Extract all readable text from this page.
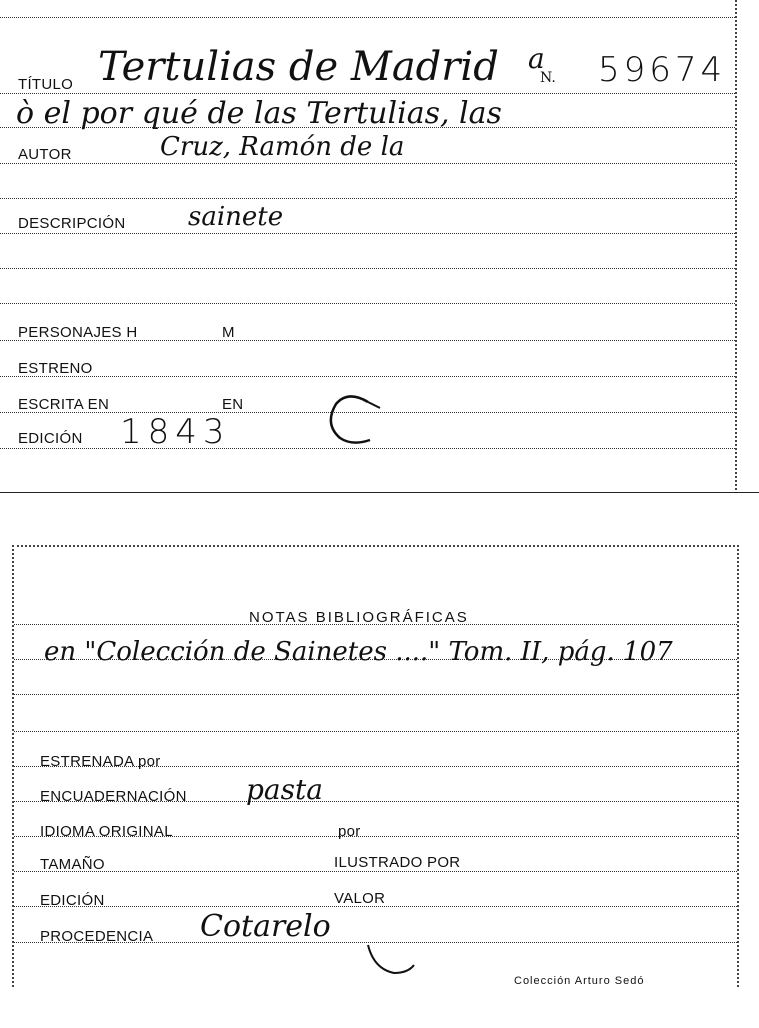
TÍTULO Tertulias de Madrid a
N. 59674
ò el por qué de las Tertulias, las
AUTOR	Cruz, Ramón de la
DESCRIPCIÓN sainete
PERSONAJES H	M
ESTRENO
ESCRITA EN	EN
EDICIÓN 1843
NOTAS BIBLIOGRÁFICAS
en "Colección de Sainetes ...." Tom. II, pág. 107
ESTRENADA por
ENCUADERNACIÓN pasta
IDIOMA ORIGINAL	por
TAMAÑO	ILUSTRADO POR
EDICIÓN	VALOR
PROCEDENCIA Cotarelo
Colección Arturo Sedó
